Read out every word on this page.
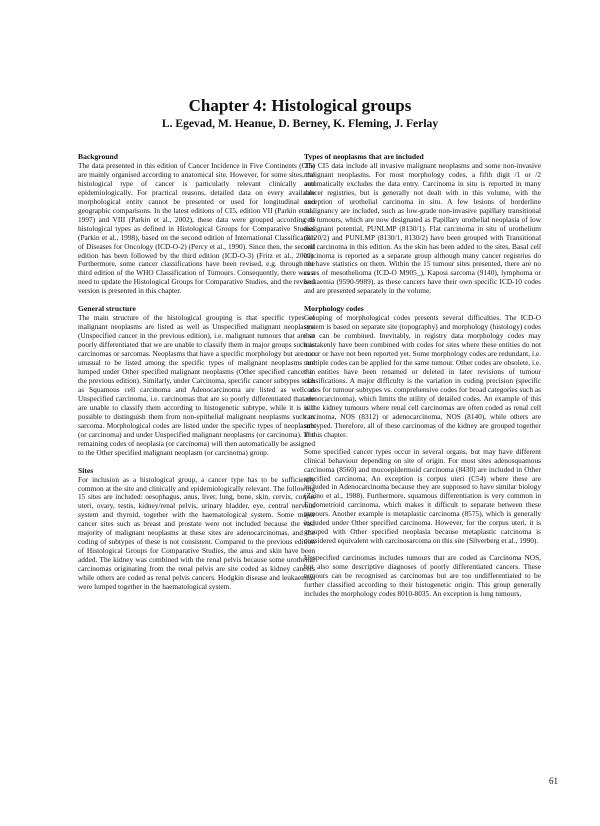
Chapter 4: Histological groups
L. Egevad, M. Heanue, D. Berney, K. Fleming, J. Ferlay
Background

The data presented in this edition of Cancer Incidence in Five Continents (CI5) are mainly organised according to anatomical site. However, for some sites, the histological type of cancer is particularly relevant clinically and epidemiologically. For practical reasons, detailed data on every available morphological entity cannot be presented or used for longitudinal and geographic comparisons. In the latest editions of CI5, edition VII (Parkin et al., 1997) and VIII (Parkin et al., 2002), these data were grouped according to histological types as defined in Histological Groups for Comparative Studies (Parkin et al., 1998), based on the second edition of International Classification of Diseases for Oncology (ICD-O-2) (Percy et al., 1990). Since then, the second edition has been followed by the third edition (ICD-O-3) (Fritz et al., 2000). Furthermore, some cancer classifications have been revised, e.g. through the third edition of the WHO Classification of Tumours. Consequently, there was a need to update the Histological Groups for Comparative Studies, and the revised version is presented in this chapter.

General structure

The main structure of the histological grouping is that specific types of malignant neoplasms are listed as well as Unspecified malignant neoplasms (Unspecified cancer in the previous edition), i.e. malignant tumours that are so poorly differentiated that we are unable to classify them in major groups such as carcinomas or sarcomas. Neoplasms that have a specific morphology but are too unusual to be listed among the specific types of malignant neoplasms are lumped under Other specified malignant neoplasms (Other specified cancer in the previous edition). Similarly, under Carcinoma, specific cancer subtypes such as Squamous cell carcinoma and Adenocarcinoma are listed as well as Unspecified carcinoma, i.e. carcinomas that are so poorly differentiated that we are unable to classify them according to histogenetic subtype, while it is still possible to distinguish them from non-epithelial malignant neoplasms such as sarcoma. Morphological codes are listed under the specific types of neoplasms (or carcinoma) and under Unspecified malignant neoplasms (or carcinoma). The remaining codes of neoplasia (or carcinoma) will then automatically be assigned to the Other specified malignant neoplasm (or carcinoma) group.

Sites

For inclusion as a histological group, a cancer type has to be sufficiently common at the site and clinically and epidemiologically relevant. The following 15 sites are included: oesophagus, anus, liver, lung, bone, skin, cervix, corpus uteri, ovary, testis, kidney/renal pelvis, urinary bladder, eye, central nervous system and thyroid, together with the haematological system. Some major cancer sites such as breast and prostate were not included because the vast majority of malignant neoplasms at these sites are adenocarcinomas, and the coding of subtypes of these is not consistent. Compared to the previous edition of Histological Groups for Comparative Studies, the anus and skin have been added. The kidney was combined with the renal pelvis because some urothelial carcinomas originating from the renal pelvis are site coded as kidney cancers while others are coded as renal pelvis cancers. Hodgkin disease and leukaemias were lumped together in the haematological system.

Types of neoplasms that are included

The CI5 data include all invasive malignant neoplasms and some non-invasive malignant neoplasms. For most morphology codes, a fifth digit /1 or /2 automatically excludes the data entry. Carcinoma in situ is reported in many cancer registries, but is generally not dealt with in this volume, with the exception of urothelial carcinoma in situ. A few lesions of borderline malignancy are included, such as low-grade non-invasive papillary transitional cell tumours, which are now designated as Papillary urothelial neoplasia of low malignant potential, PUNLMP (8130/1). Flat carcinoma in situ of urothelium (8120/2) and PUNLMP (8130/1, 8130/2) have been grouped with Transitional cell carcinoma in this edition. As the skin has been added to the sites, Basal cell carcinoma is reported as a separate group although many cancer registries do not have statistics on them. Within the 15 tumour sites presented, there are no cases of mesothelioma (ICD-O M905_), Kaposi sarcoma (9140), lymphoma or leukaemia (9590-9989), as these cancers have their own specific ICD-10 codes and are presented separately in the volume.

Morphology codes

Grouping of morphological codes presents several difficulties. The ICD-O system is based on separate site (topography) and morphology (histology) codes that can be combined. Inevitably, in registry data morphology codes may mistakenly have been combined with codes for sites where these entities do not occur or have not been reported yet. Some morphology codes are redundant, i.e. multiple codes can be applied for the same tumour. Other codes are obsolete, i.e. the entities have been renamed or deleted in later revisions of tumour classifications. A major difficulty is the variation in coding precision (specific codes for tumour subtypes vs. comprehensive codes for broad categories such as adenocarcinoma), which limits the utility of detailed codes. An example of this is the kidney tumours where renal cell carcinomas are often coded as renal cell carcinoma, NOS (8312) or adenocarcinoma, NOS (8140), while others are subtyped. Therefore, all of these carcinomas of the kidney are grouped together in this chapter.

Some specified cancer types occur in several organs, but may have different clinical behaviour depending on site of origin. For most sites adenosquamous carcinoma (8560) and mucoepidermoid carcinoma (8430) are included in Other specified carcinoma. An exception is corpus uteri (C54) where these are included in Adenocarcinoma because they are supposed to have similar biology (Zaino et al., 1988). Furthermore, squamous differentiation is very common in Endometrioid carcinoma, which makes it difficult to separate between these tumours. Another example is metaplastic carcinoma (8575), which is generally included under Other specified carcinoma. However, for the corpus uteri, it is grouped with Other specified neoplasia because metaplastic carcinoma is considered equivalent with carcinosarcoma on this site (Silverberg et al., 1990).

Unspecified carcinomas includes tumours that are coded as Carcinoma NOS, but also some descriptive diagnoses of poorly differentiated cancers. These tumours can be recognised as carcinomas but are too undifferentiated to be further classified according to their histogenetic origin. This group generally includes the morphology codes 8010-8035. An exception is lung tumours,

61
